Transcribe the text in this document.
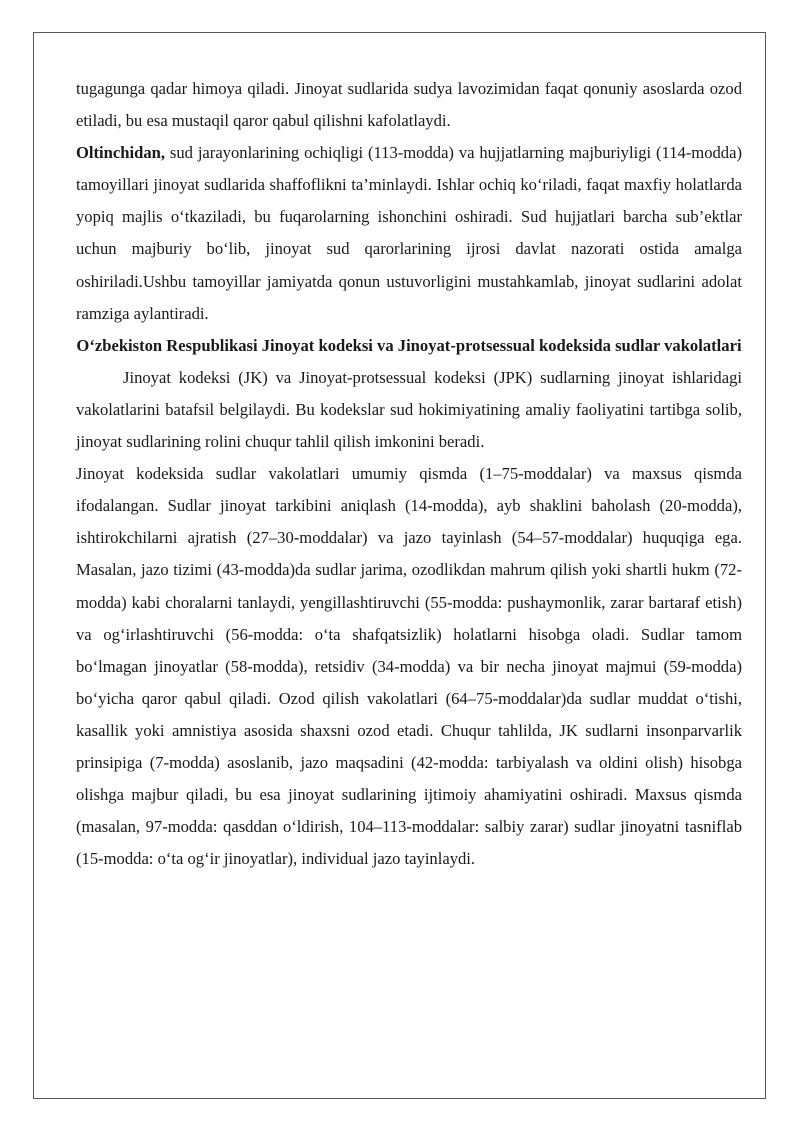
tugagunga qadar himoya qiladi. Jinoyat sudlarida sudya lavozimidan faqat qonuniy asoslarda ozod etiladi, bu esa mustaqil qaror qabul qilishni kafolatlaydi.

Oltinchidan, sud jarayonlarining ochiqligi (113-modda) va hujjatlarning majburiyligi (114-modda) tamoyillari jinoyat sudlarida shaffoflikni ta’minlaydi. Ishlar ochiq ko‘riladi, faqat maxfiy holatlarda yopiq majlis o‘tkaziladi, bu fuqarolarning ishonchini oshiradi. Sud hujjatlari barcha sub’ektlar uchun majburiy bo‘lib, jinoyat sud qarorlarining ijrosi davlat nazorati ostida amalga oshiriladi.Ushbu tamoyillar jamiyatda qonun ustuvorligini mustahkamlab, jinoyat sudlarini adolat ramziga aylantiradi.

O‘zbekiston Respublikasi Jinoyat kodeksi va Jinoyat-protsessual kodeksida sudlar vakolatlari

Jinoyat kodeksi (JK) va Jinoyat-protsessual kodeksi (JPK) sudlarning jinoyat ishlaridagi vakolatlarini batafsil belgilaydi. Bu kodekslar sud hokimiyatining amaliy faoliyatini tartibga solib, jinoyat sudlarining rolini chuqur tahlil qilish imkonini beradi.

Jinoyat kodeksida sudlar vakolatlari umumiy qismda (1–75-moddalar) va maxsus qismda ifodalangan. Sudlar jinoyat tarkibini aniqlash (14-modda), ayb shaklini baholash (20-modda), ishtirokchilarni ajratish (27–30-moddalar) va jazo tayinlash (54–57-moddalar) huquqiga ega. Masalan, jazo tizimi (43-modda)da sudlar jarima, ozodlikdan mahrum qilish yoki shartli hukm (72-modda) kabi choralarni tanlaydi, yengillashtiruvchi (55-modda: pushaymonlik, zarar bartaraf etish) va og‘irlashtiruvchi (56-modda: o‘ta shafqatsizlik) holatlarni hisobga oladi. Sudlar tamom bo‘lmagan jinoyatlar (58-modda), retsidiv (34-modda) va bir necha jinoyat majmui (59-modda) bo‘yicha qaror qabul qiladi. Ozod qilish vakolatlari (64–75-moddalar)da sudlar muddat o‘tishi, kasallik yoki amnistiya asosida shaxsni ozod etadi. Chuqur tahlilda, JK sudlarni insonparvarlik prinsipiga (7-modda) asoslanib, jazo maqsadini (42-modda: tarbiyalash va oldini olish) hisobga olishga majbur qiladi, bu esa jinoyat sudlarining ijtimoiy ahamiyatini oshiradi. Maxsus qismda (masalan, 97-modda: qasddan o‘ldirish, 104–113-moddalar: salbiy zarar) sudlar jinoyatni tasniflab (15-modda: o‘ta og‘ir jinoyatlar), individual jazo tayinlaydi.
